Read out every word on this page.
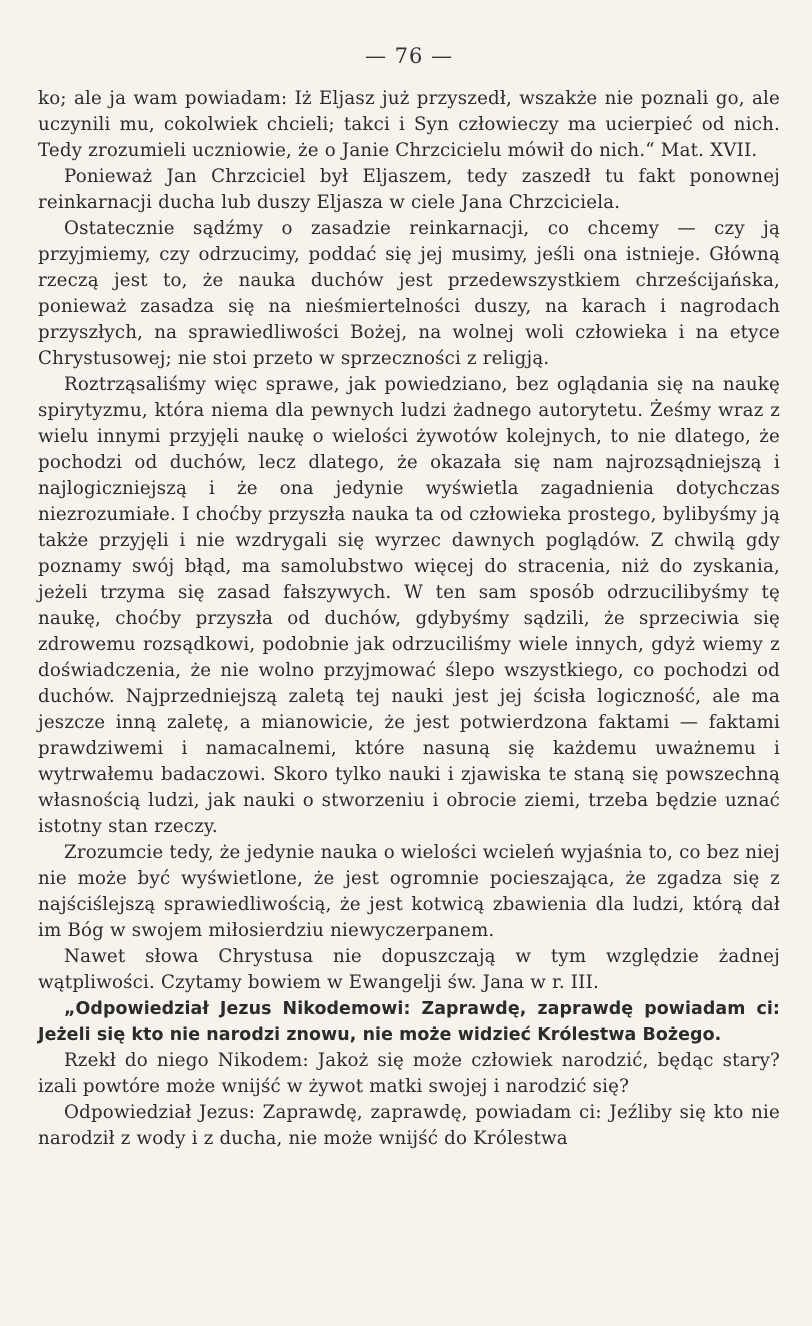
— 76 —

ko; ale ja wam powiadam: Iż Eljasz już przyszedł, wszakże nie poznali go, ale uczynili mu, cokolwiek chcieli; takci i Syn człowieczy ma ucierpieć od nich. Tedy zrozumieli uczniowie, że o Janie Chrzcicielu mówił do nich.“ Mat. XVII.

Ponieważ Jan Chrzciciel był Eljaszem, tedy zaszedł tu fakt ponownej reinkarnacji ducha lub duszy Eljasza w ciele Jana Chrzciciela.

Ostatecznie sądźmy o zasadzie reinkarnacji, co chcemy — czy ją przyjmiemy, czy odrzucimy, poddać się jej musimy, jeśli ona istnieje. Główną rzeczą jest to, że nauka duchów jest przedewszystkiem chrześcijańska, ponieważ zasadza się na nieśmiertelności duszy, na karach i nagrodach przyszłych, na sprawiedliwości Bożej, na wolnej woli człowieka i na etyce Chrystusowej; nie stoi przeto w sprzeczności z religją.

Roztrząsaliśmy więc sprawe, jak powiedziano, bez oglądania się na naukę spirytyzmu, która niema dla pewnych ludzi żadnego autorytetu. Żeśmy wraz z wielu innymi przyjęli naukę o wielości żywotów kolejnych, to nie dlatego, że pochodzi od duchów, lecz dlatego, że okazała się nam najrozsądniejszą i najlogiczniejszą i że ona jedynie wyświetla zagadnienia dotychczas niezrozumiałe. I choćby przyszła nauka ta od człowieka prostego, bylibyśmy ją także przyjęli i nie wzdrygali się wyrzec dawnych poglądów. Z chwilą gdy poznamy swój błąd, ma samolubstwo więcej do stracenia, niż do zyskania, jeżeli trzyma się zasad fałszywych. W ten sam sposób odrzucilibyśmy tę naukę, choćby przyszła od duchów, gdybyśmy sądzili, że sprzeciwia się zdrowemu rozsądkowi, podobnie jak odrzuciliśmy wiele innych, gdyż wiemy z doświadczenia, że nie wolno przyjmować ślepo wszystkiego, co pochodzi od duchów. Najprzedniejszą zaletą tej nauki jest jej ścisła logiczność, ale ma jeszcze inną zaletę, a mianowicie, że jest potwierdzona faktami — faktami prawdziwemi i namacalnemi, które nasuną się każdemu uważnemu i wytrwałemu badaczowi. Skoro tylko nauki i zjawiska te staną się powszechną własnością ludzi, jak nauki o stworzeniu i obrocie ziemi, trzeba będzie uznać istotny stan rzeczy.

Zrozumcie tedy, że jedynie nauka o wielości wcieleń wyjaśnia to, co bez niej nie może być wyświetlone, że jest ogromnie pocieszająca, że zgadza się z najściślejszą sprawiedliwością, że jest kotwicą zbawienia dla ludzi, którą dał im Bóg w swojem miłosierdziu niewyczerpanem.

Nawet słowa Chrystusa nie dopuszczają w tym względzie żadnej wątpliwości. Czytamy bowiem w Ewangelji św. Jana w r. III.

„Odpowiedział Jezus Nikodemowi: Zaprawdę, zaprawdę powiadam ci: Jeżeli się kto nie narodzi znowu, nie może widzieć Królestwa Bożego.

Rzekł do niego Nikodem: Jakoż się może człowiek narodzić, będąc stary? izali powtóre może wnijść w żywot matki swojej i narodzić się?

Odpowiedział Jezus: Zaprawdę, zaprawdę, powiadam ci: Jeźliby się kto nie narodził z wody i z ducha, nie może wnijść do Królestwa
